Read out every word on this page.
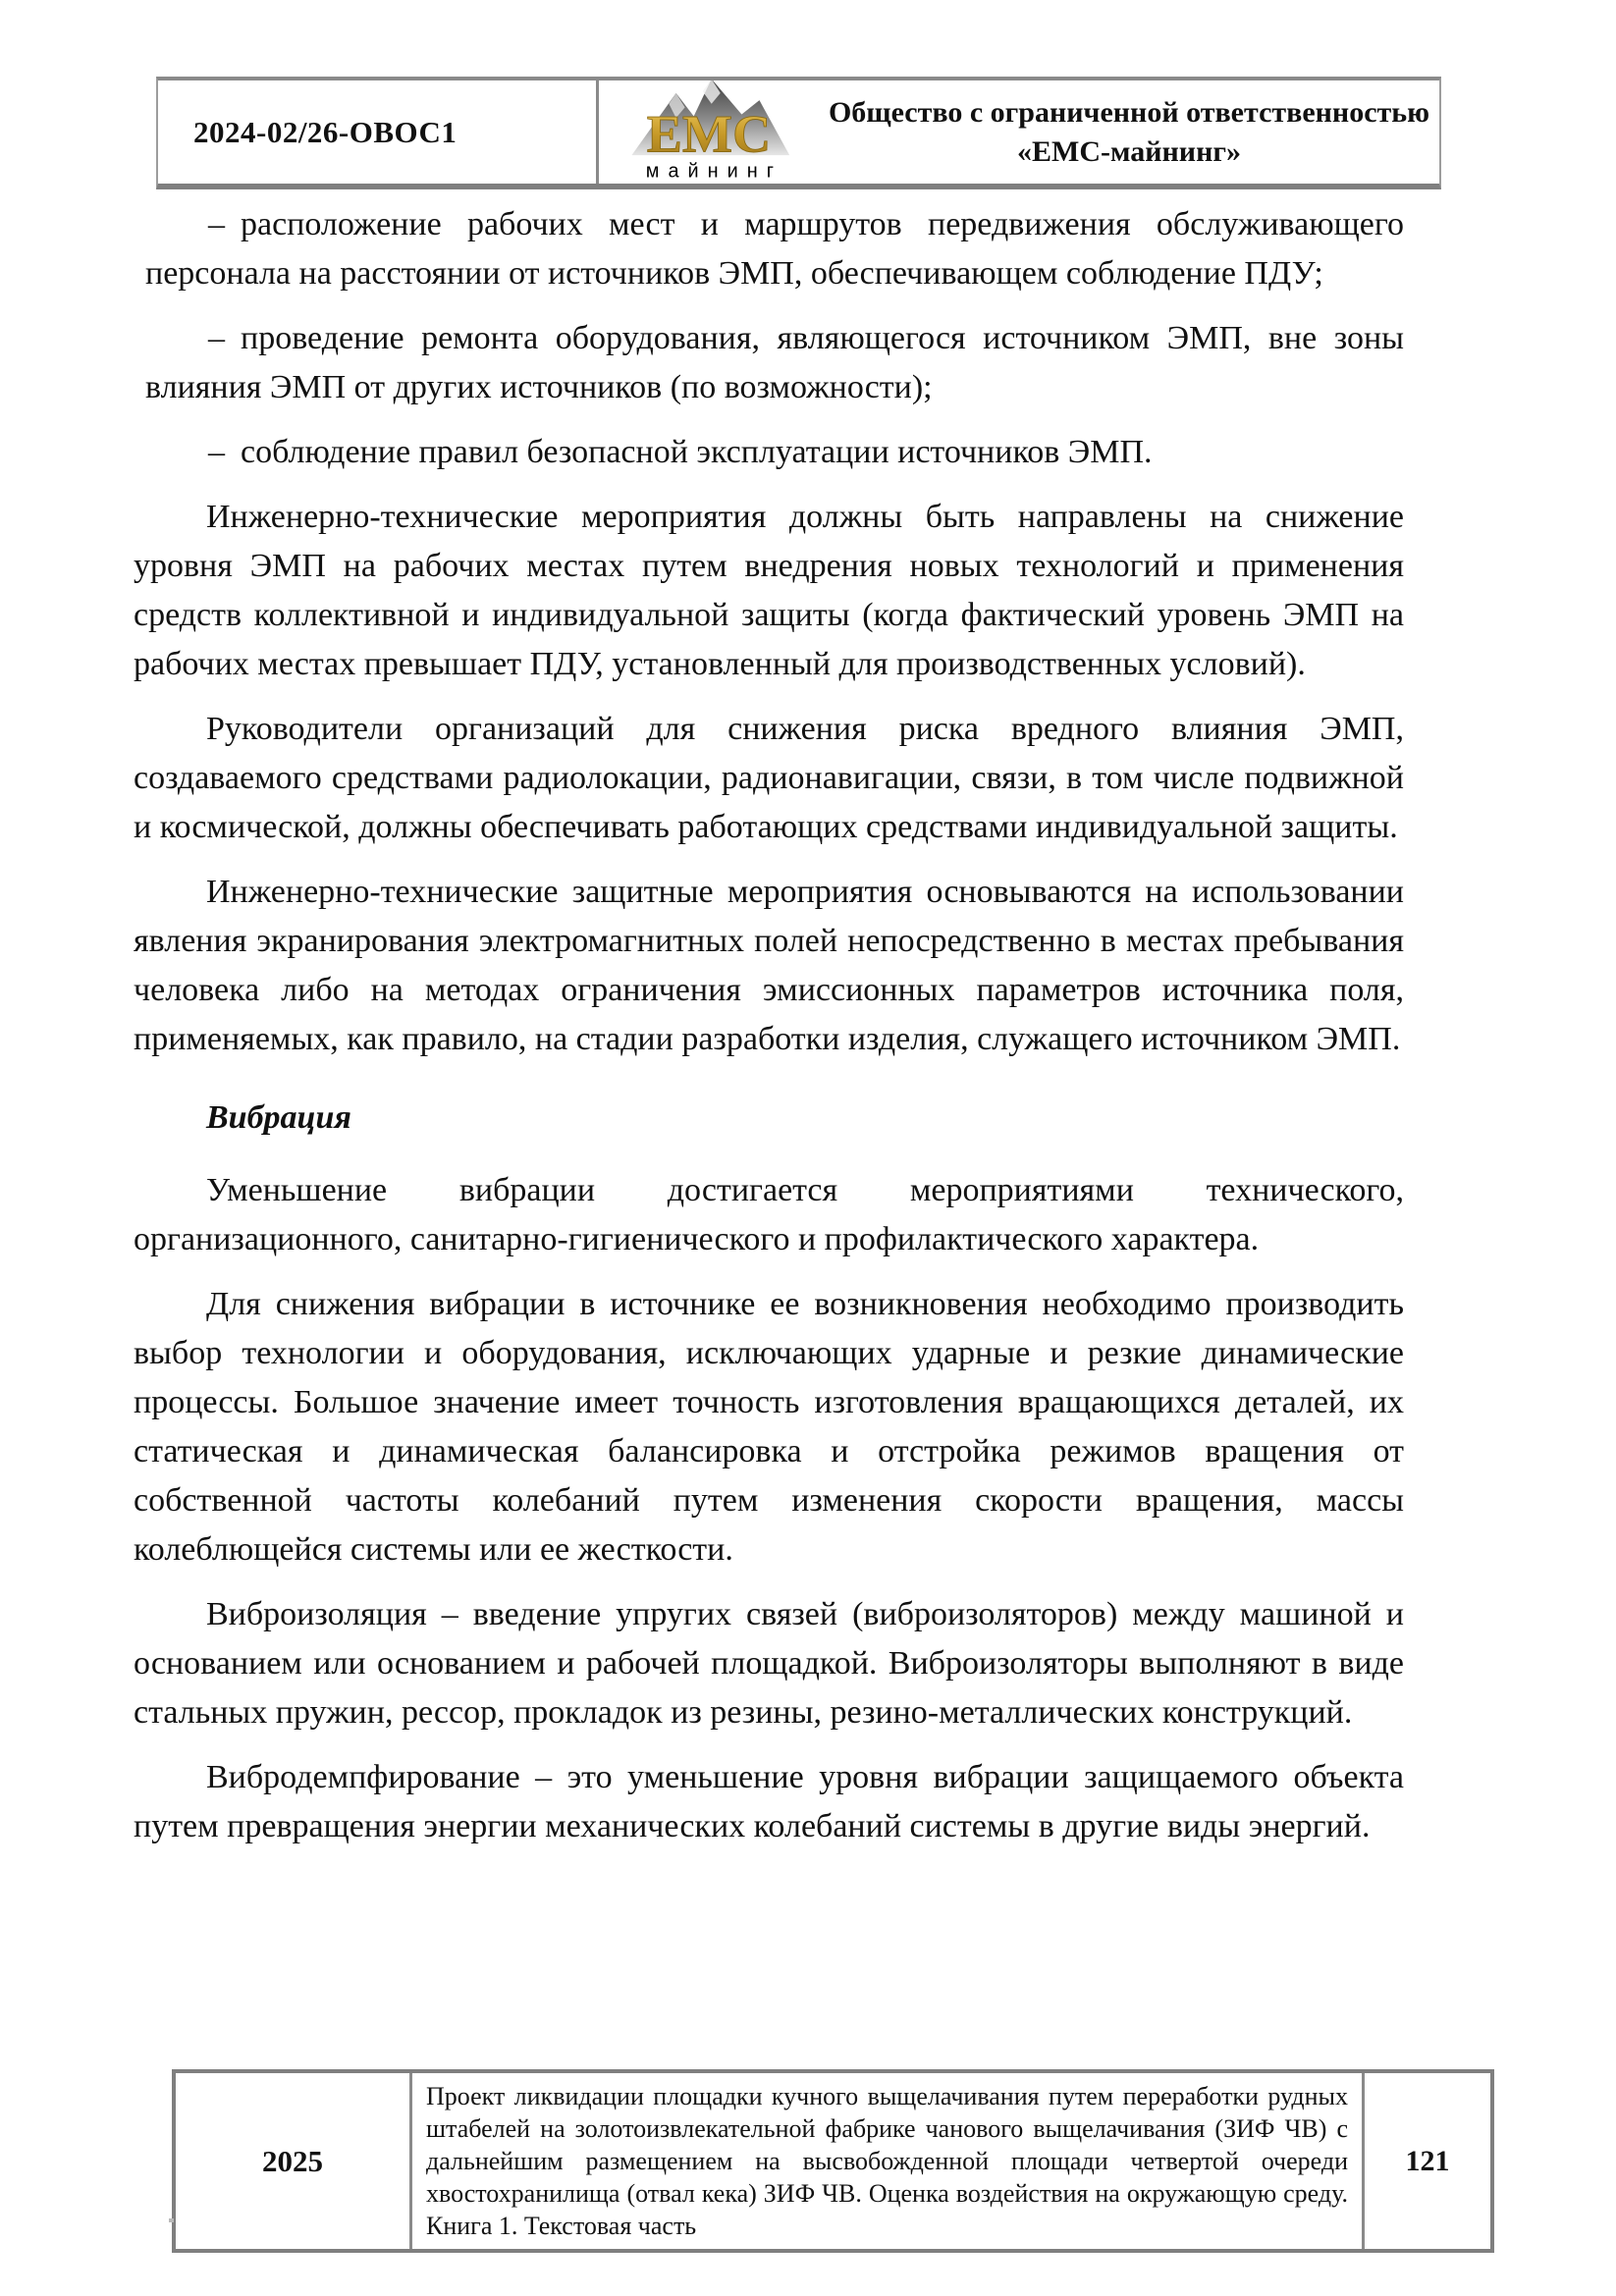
2024-02/26-ОВОС1	ЕМС
майнинг
Общество с ограниченной ответственностью
«ЕМС-майнинг»
– расположение рабочих мест и маршрутов передвижения обслуживающего персонала на расстоянии от источников ЭМП, обеспечивающем соблюдение ПДУ;
– проведение ремонта оборудования, являющегося источником ЭМП, вне зоны влияния ЭМП от других источников (по возможности);
– соблюдение правил безопасной эксплуатации источников ЭМП.
Инженерно-технические мероприятия должны быть направлены на снижение уровня ЭМП на рабочих местах путем внедрения новых технологий и применения средств коллективной и индивидуальной защиты (когда фактический уровень ЭМП на рабочих местах превышает ПДУ, установленный для производственных условий).
Руководители организаций для снижения риска вредного влияния ЭМП, создаваемого средствами радиолокации, радионавигации, связи, в том числе подвижной и космической, должны обеспечивать работающих средствами индивидуальной защиты.
Инженерно-технические защитные мероприятия основываются на использовании явления экранирования электромагнитных полей непосредственно в местах пребывания человека либо на методах ограничения эмиссионных параметров источника поля, применяемых, как правило, на стадии разработки изделия, служащего источником ЭМП.
Вибрация
Уменьшение вибрации достигается мероприятиями технического, организационного, санитарно-гигиенического и профилактического характера.
Для снижения вибрации в источнике ее возникновения необходимо производить выбор технологии и оборудования, исключающих ударные и резкие динамические процессы. Большое значение имеет точность изготовления вращающихся деталей, их статическая и динамическая балансировка и отстройка режимов вращения от собственной частоты колебаний путем изменения скорости вращения, массы колеблющейся системы или ее жесткости.
Виброизоляция – введение упругих связей (виброизоляторов) между машиной и основанием или основанием и рабочей площадкой. Виброизоляторы выполняют в виде стальных пружин, рессор, прокладок из резины, резино-металлических конструкций.
Вибродемпфирование – это уменьшение уровня вибрации защищаемого объекта путем превращения энергии механических колебаний системы в другие виды энергий.
2025
Проект ликвидации площадки кучного выщелачивания путем переработки рудных штабелей на золотоизвлекательной фабрике чанового выщелачивания (ЗИФ ЧВ) с дальнейшим размещением на высвобожденной площади четвертой очереди хвостохранилища (отвал кека) ЗИФ ЧВ. Оценка воздействия на окружающую среду. Книга 1. Текстовая часть
121
